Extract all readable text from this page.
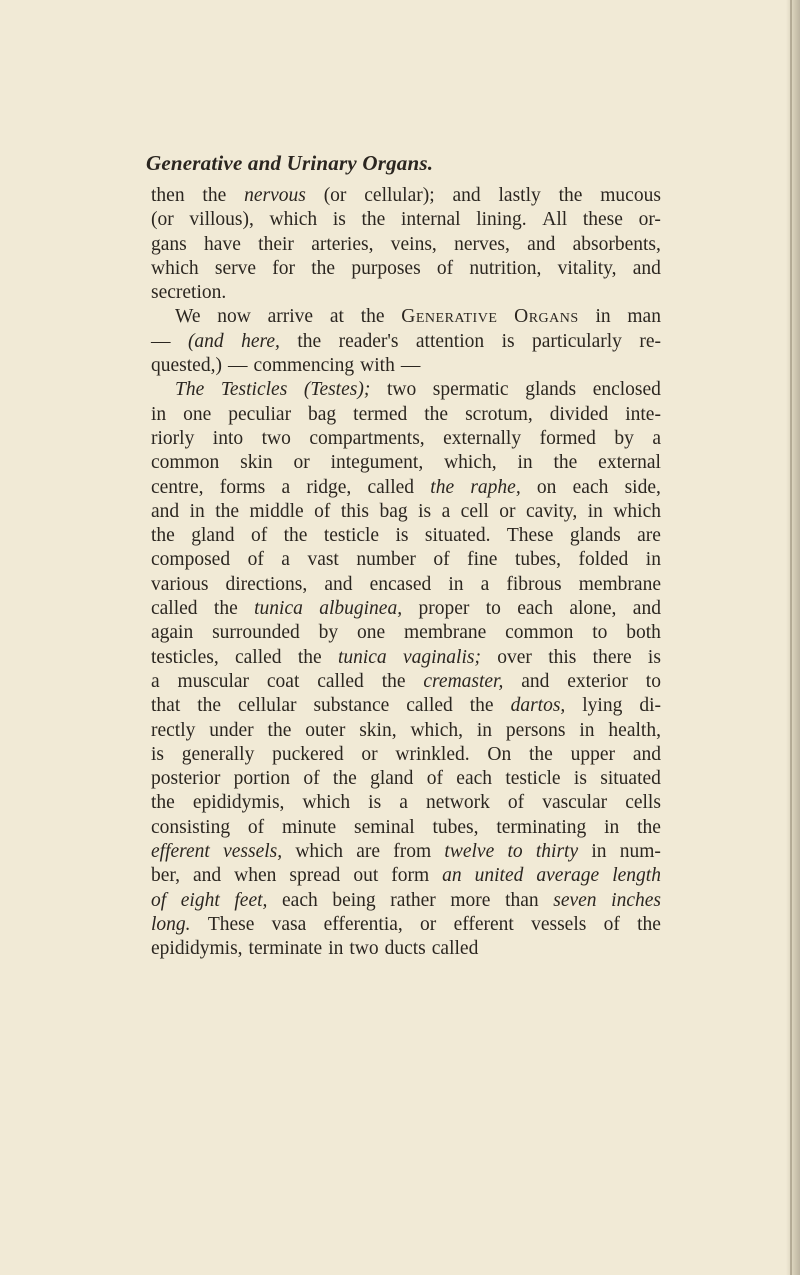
Generative and Urinary Organs.
then the nervous (or cellular); and lastly the mucous
(or villous), which is the internal lining. All these or-
gans have their arteries, veins, nerves, and absorbents,
which serve for the purposes of nutrition, vitality, and
secretion.
We now arrive at the Generative Organs in man
— (and here, the reader's attention is particularly re-
quested,) — commencing with —
The Testicles (Testes); two spermatic glands enclosed
in one peculiar bag termed the scrotum, divided inte-
riorly into two compartments, externally formed by a
common skin or integument, which, in the external
centre, forms a ridge, called the raphe, on each side,
and in the middle of this bag is a cell or cavity, in which
the gland of the testicle is situated. These glands are
composed of a vast number of fine tubes, folded in
various directions, and encased in a fibrous membrane
called the tunica albuginea, proper to each alone, and
again surrounded by one membrane common to both
testicles, called the tunica vaginalis; over this there is
a muscular coat called the cremaster, and exterior to
that the cellular substance called the dartos, lying di-
rectly under the outer skin, which, in persons in health,
is generally puckered or wrinkled. On the upper and
posterior portion of the gland of each testicle is situated
the epididymis, which is a network of vascular cells
consisting of minute seminal tubes, terminating in the
efferent vessels, which are from twelve to thirty in num-
ber, and when spread out form an united average length
of eight feet, each being rather more than seven inches
long. These vasa efferentia, or efferent vessels of the
epididymis, terminate in two ducts called
